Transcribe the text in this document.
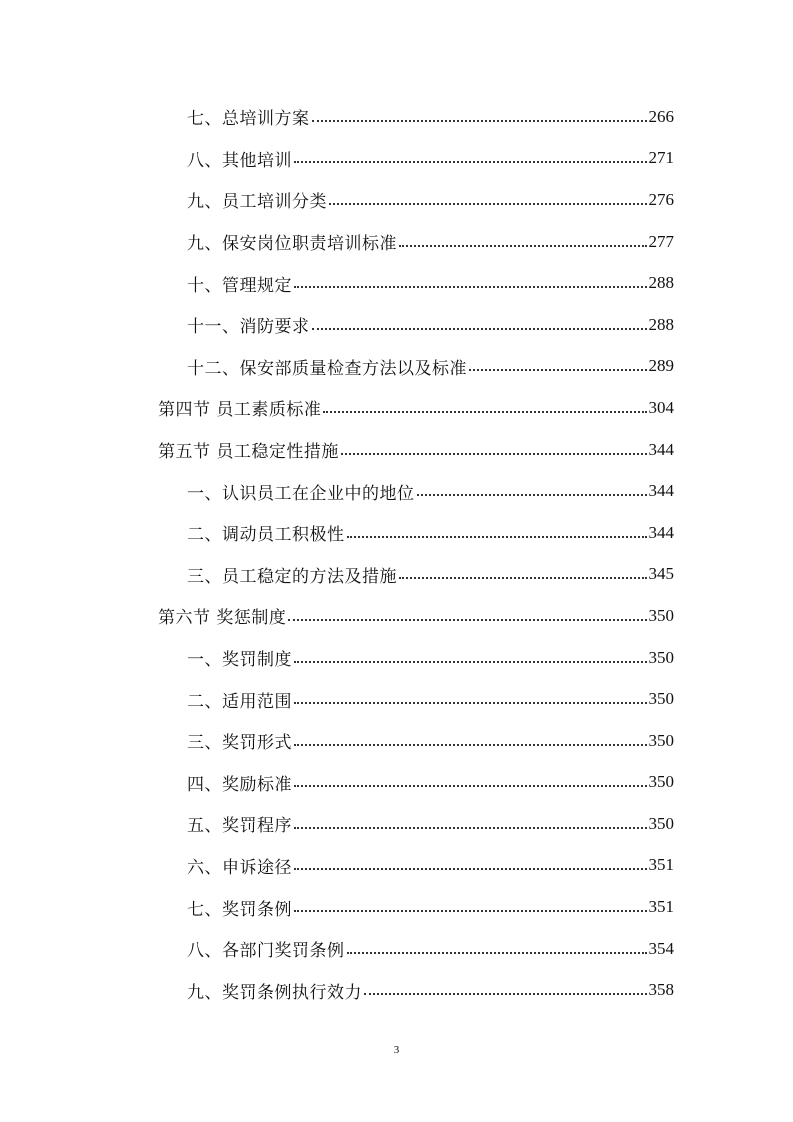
七、总培训方案	266
八、其他培训	271
九、员工培训分类	276
九、保安岗位职责培训标准	277
十、管理规定	288
十一、消防要求	288
十二、保安部质量检查方法以及标准	289
第四节 员工素质标准	304
第五节 员工稳定性措施	344
一、认识员工在企业中的地位	344
二、调动员工积极性	344
三、员工稳定的方法及措施	345
第六节 奖惩制度	350
一、奖罚制度	350
二、适用范围	350
三、奖罚形式	350
四、奖励标准	350
五、奖罚程序	350
六、申诉途径	351
七、奖罚条例	351
八、各部门奖罚条例	354
九、奖罚条例执行效力	358
3
